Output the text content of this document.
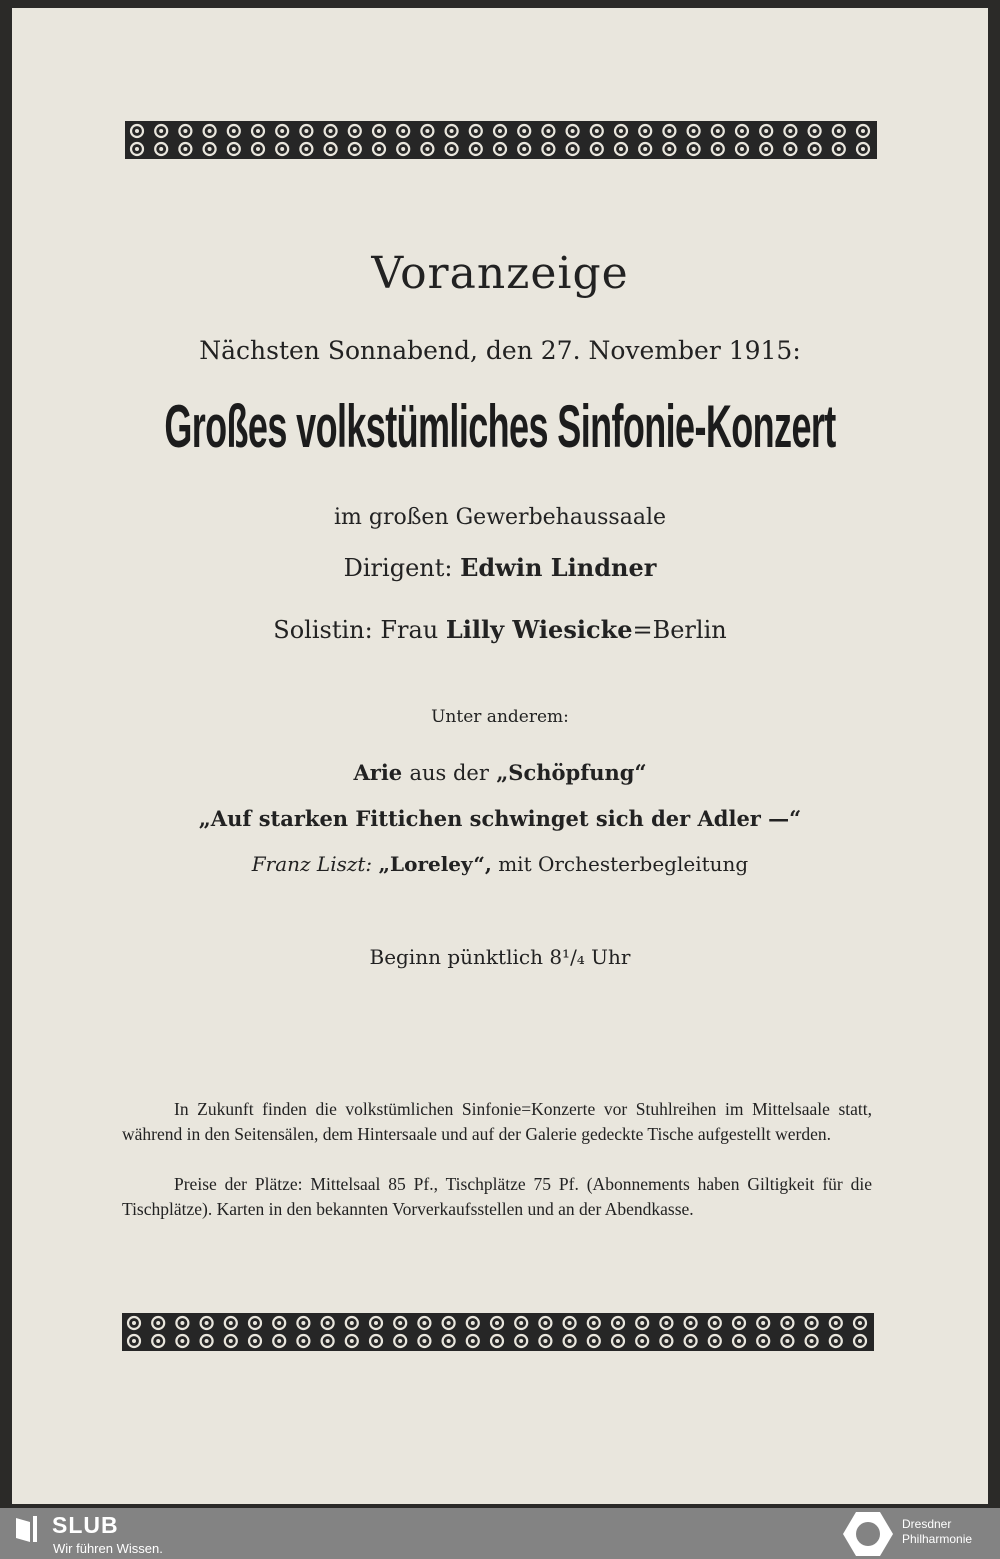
Voranzeige
Nächsten Sonnabend, den 27. November 1915:
Großes volkstümliches Sinfonie-Konzert
im großen Gewerbehaussaale
Dirigent: Edwin Lindner
Solistin: Frau Lilly Wiesicke=Berlin
Unter anderem:
Arie aus der „Schöpfung“
„Auf starken Fittichen schwinget sich der Adler —“
Franz Liszt: „Loreley“, mit Orchesterbegleitung
Beginn pünktlich 8¹/₄ Uhr
In Zukunft finden die volkstümlichen Sinfonie=Konzerte vor Stuhlreihen im Mittelsaale statt, während in den Seitensälen, dem Hintersaale und auf der Galerie gedeckte Tische aufgestellt werden.
Preise der Plätze: Mittelsaal 85 Pf., Tischplätze 75 Pf. (Abonnements haben Giltigkeit für die Tischplätze). Karten in den bekannten Vorverkaufsstellen und an der Abendkasse.
SLUB
Wir führen Wissen.
Dresdner
Philharmonie
